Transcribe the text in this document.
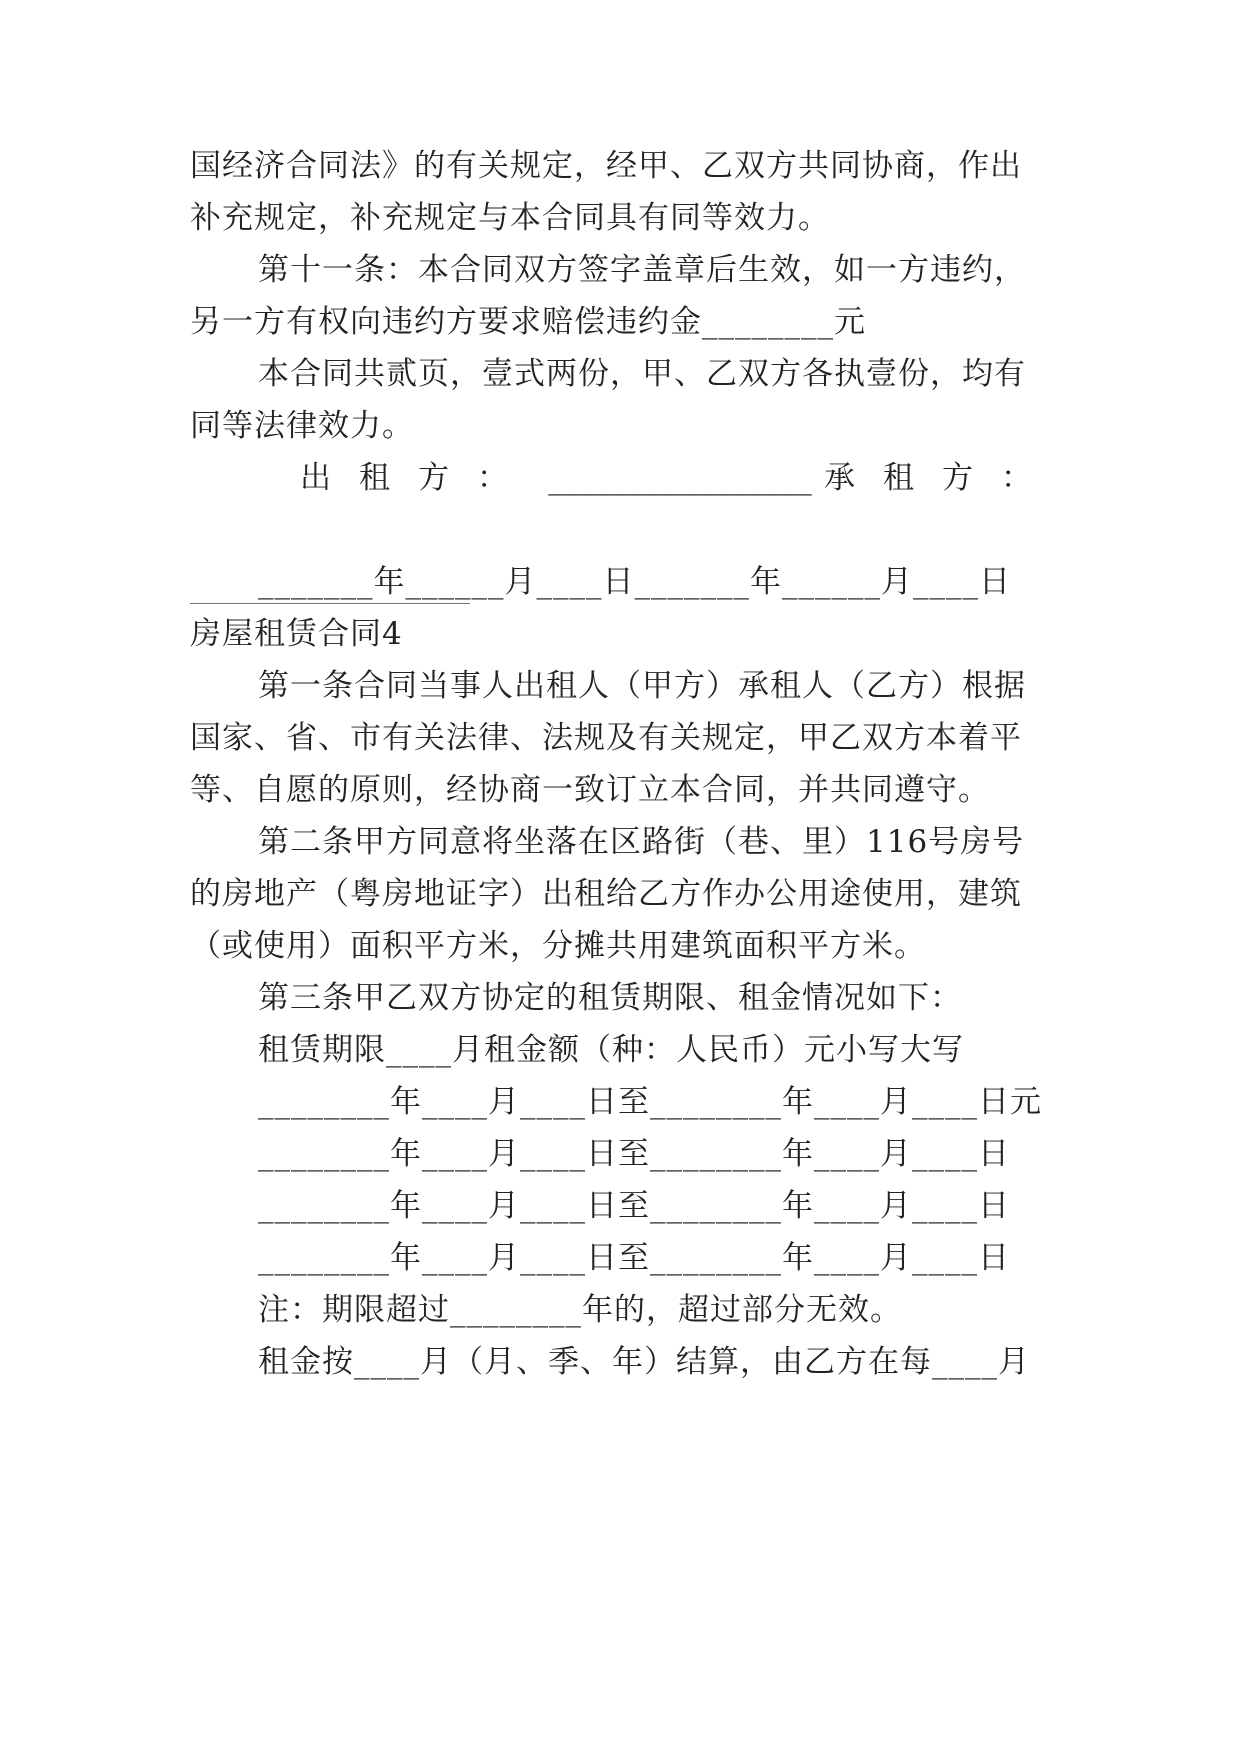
国经济合同法》的有关规定，经甲、乙双方共同协商，作出
补充规定，补充规定与本合同具有同等效力。
第十一条：本合同双方签字盖章后生效，如一方违约，
另一方有权向违约方要求赔偿违约金________元
本合同共贰页，壹式两份，甲、乙双方各执壹份，均有
同等法律效力。
出租方： _________________ 承租方：
_______年______月____日_______年______月____日
房屋租赁合同4
第一条合同当事人出租人（甲方）承租人（乙方）根据
国家、省、市有关法律、法规及有关规定，甲乙双方本着平
等、自愿的原则，经协商一致订立本合同，并共同遵守。
第二条甲方同意将坐落在区路街（巷、里）116号房号
的房地产（粤房地证字）出租给乙方作办公用途使用，建筑
（或使用）面积平方米，分摊共用建筑面积平方米。
第三条甲乙双方协定的租赁期限、租金情况如下：
租赁期限____月租金额（种：人民币）元小写大写
________年____月____日至________年____月____日元
________年____月____日至________年____月____日
________年____月____日至________年____月____日
________年____月____日至________年____月____日
注：期限超过________年的，超过部分无效。
租金按____月（月、季、年）结算，由乙方在每____月
